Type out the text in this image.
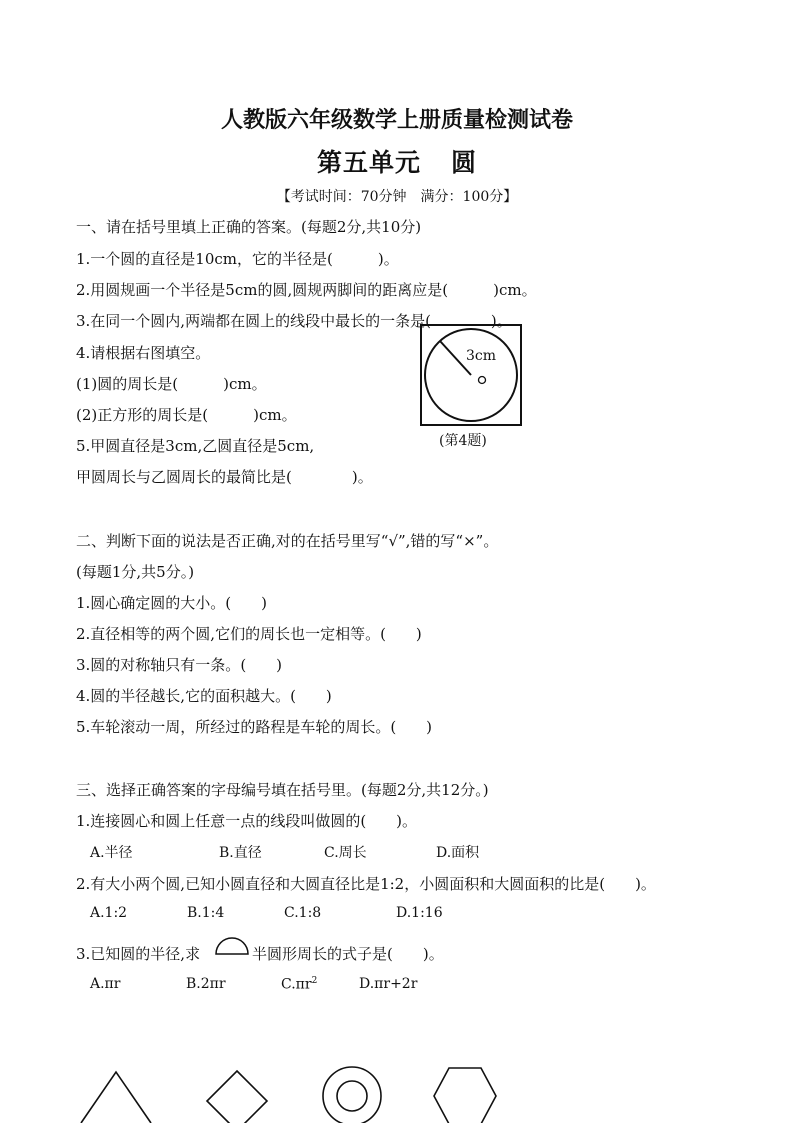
人教版六年级数学上册质量检测试卷
第五单元 圆
【考试时间：70分钟　满分：100分】
一、请在括号里填上正确的答案。(每题2分,共10分)
1.一个圆的直径是10cm，它的半径是(　　　)。
2.用圆规画一个半径是5cm的圆,圆规两脚间的距离应是(　　　)cm。
3.在同一个圆内,两端都在圆上的线段中最长的一条是(　　　　)。
4.请根据右图填空。
(1)圆的周长是(　　　)cm。
(2)正方形的周长是(　　　)cm。
5.甲圆直径是3cm,乙圆直径是5cm,
甲圆周长与乙圆周长的最简比是(　　　　)。
3cm
(第4题)
二、判断下面的说法是否正确,对的在括号里写“√”,错的写“×”。
(每题1分,共5分。)
1.圆心确定圆的大小。(　　)
2.直径相等的两个圆,它们的周长也一定相等。(　　)
3.圆的对称轴只有一条。(　　)
4.圆的半径越长,它的面积越大。(　　)
5.车轮滚动一周，所经过的路程是车轮的周长。(　　)
三、选择正确答案的字母编号填在括号里。(每题2分,共12分。)
1.连接圆心和圆上任意一点的线段叫做圆的(　　)。
A.半径	B.直径	C.周长	D.面积
2.有大小两个圆,已知小圆直径和大圆直径比是1:2，小圆面积和大圆面积的比是(　　)。
A.1:2	B.1:4	C.1:8	D.1:16
3.已知圆的半径,求	半圆形周长的式子是(　　)。
A.πr	B.2πr	$C.\pi r^2$	D.πr+2r
